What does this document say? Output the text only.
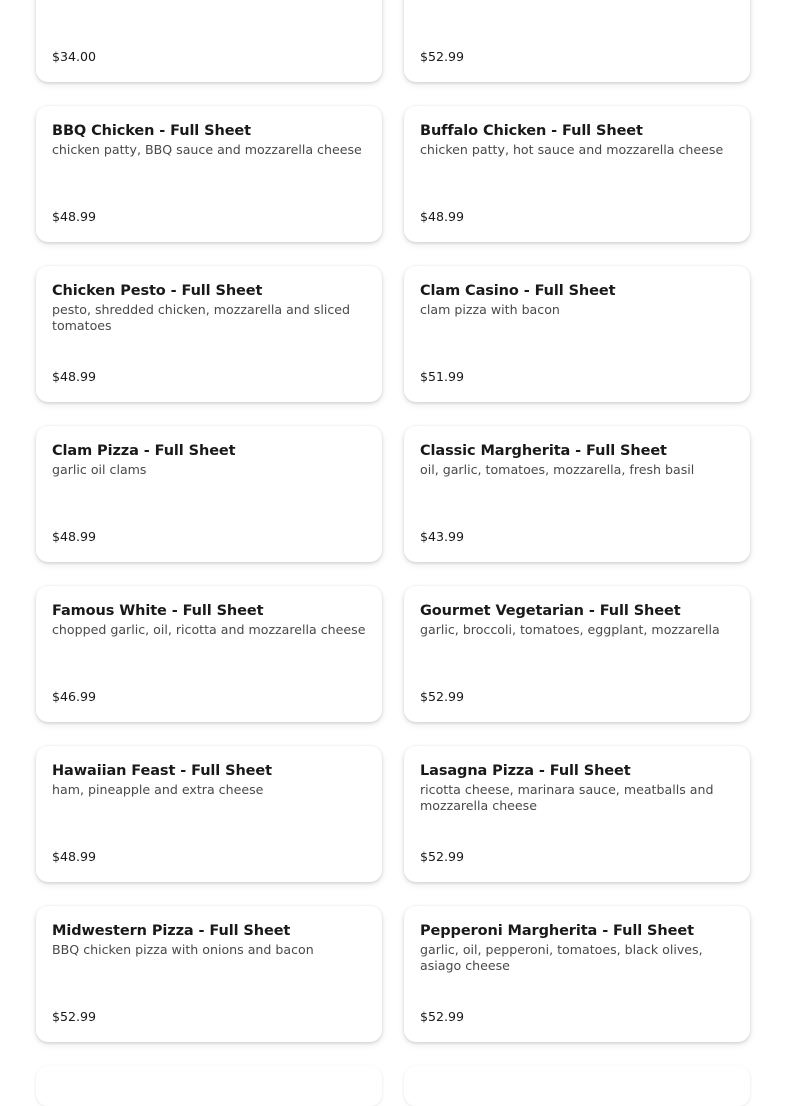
$34.00	$52.99
BBQ Chicken - Full Sheet
chicken patty, BBQ sauce and mozzarella cheese
$48.99
Buffalo Chicken - Full Sheet
chicken patty, hot sauce and mozzarella cheese
$48.99
Chicken Pesto - Full Sheet
pesto, shredded chicken, mozzarella and sliced tomatoes
$48.99
Clam Casino - Full Sheet
clam pizza with bacon
$51.99
Clam Pizza - Full Sheet
garlic oil clams
$48.99
Classic Margherita - Full Sheet
oil, garlic, tomatoes, mozzarella, fresh basil
$43.99
Famous White - Full Sheet
chopped garlic, oil, ricotta and mozzarella cheese
$46.99
Gourmet Vegetarian - Full Sheet
garlic, broccoli, tomatoes, eggplant, mozzarella
$52.99
Hawaiian Feast - Full Sheet
ham, pineapple and extra cheese
$48.99
Lasagna Pizza - Full Sheet
ricotta cheese, marinara sauce, meatballs and mozzarella cheese
$52.99
Midwestern Pizza - Full Sheet
BBQ chicken pizza with onions and bacon
$52.99
Pepperoni Margherita - Full Sheet
garlic, oil, pepperoni, tomatoes, black olives, asiago cheese
$52.99
